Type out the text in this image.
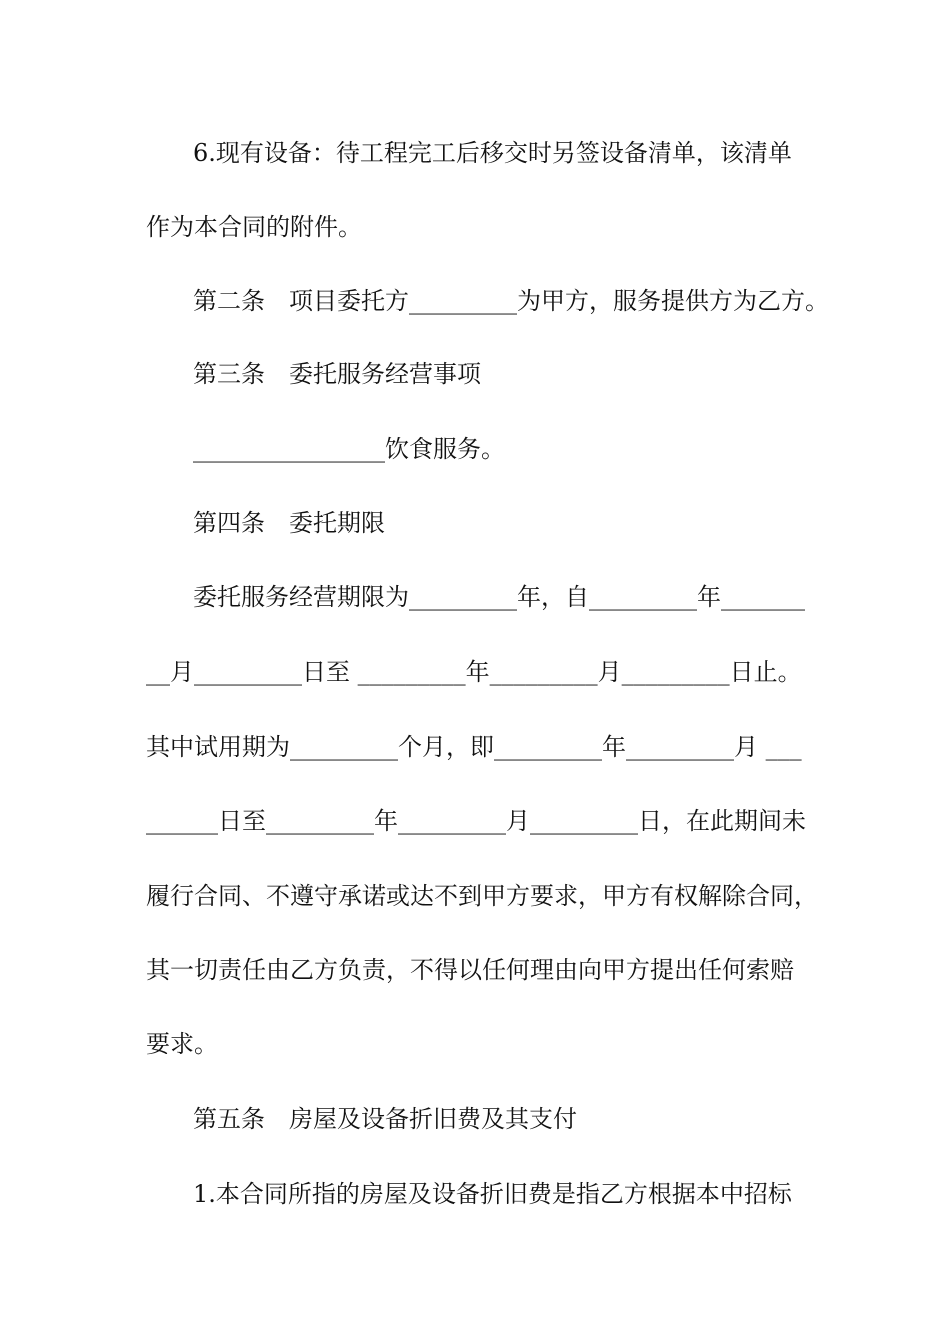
6.现有设备：待工程完工后移交时另签设备清单，该清单
作为本合同的附件。
第二条　项目委托方_________为甲方，服务提供方为乙方。
第三条　委托服务经营事项
________________饮食服务。
第四条　委托期限
委托服务经营期限为_________年，自_________年_______
__月_________日至 _________年_________月_________日止。
其中试用期为_________个月，即_________年_________月 ___
______日至_________年_________月_________日，在此期间未
履行合同、不遵守承诺或达不到甲方要求，甲方有权解除合同，
其一切责任由乙方负责，不得以任何理由向甲方提出任何索赔
要求。
第五条　房屋及设备折旧费及其支付
1.本合同所指的房屋及设备折旧费是指乙方根据本中招标
